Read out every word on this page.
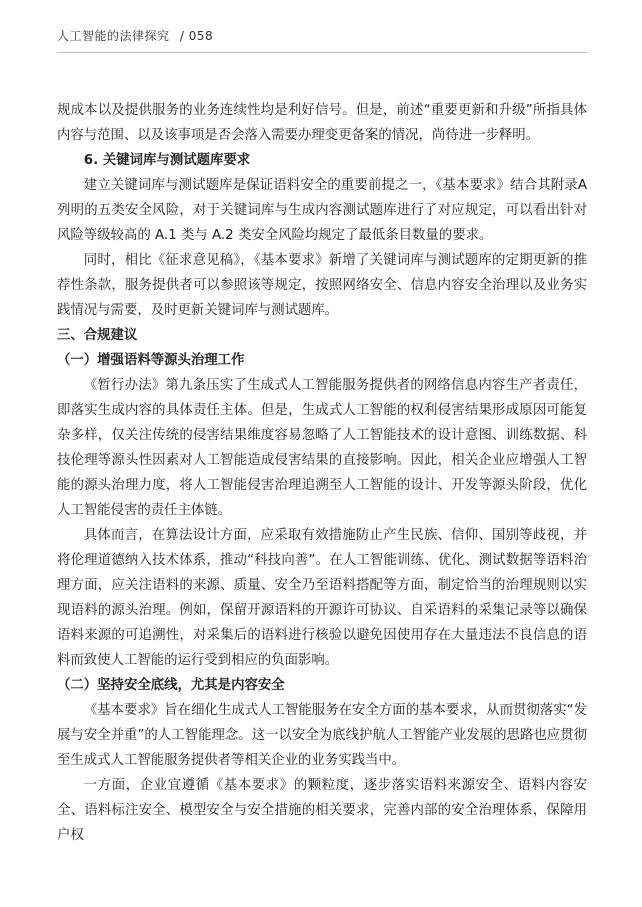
人工智能的法律探究 / 058

规成本以及提供服务的业务连续性均是利好信号。但是，前述“重要更新和升级”所指具体内容与范围、以及该事项是否会落入需要办理变更备案的情况，尚待进一步释明。

6. 关键词库与测试题库要求

建立关键词库与测试题库是保证语料安全的重要前提之一，《基本要求》结合其附录A 列明的五类安全风险，对于关键词库与生成内容测试题库进行了对应规定，可以看出针对风险等级较高的 A.1 类与 A.2 类安全风险均规定了最低条目数量的要求。

同时，相比《征求意见稿》，《基本要求》新增了关键词库与测试题库的定期更新的推荐性条款，服务提供者可以参照该等规定，按照网络安全、信息内容安全治理以及业务实践情况与需要，及时更新关键词库与测试题库。

三、合规建议

（一）增强语料等源头治理工作

《暂行办法》第九条压实了生成式人工智能服务提供者的网络信息内容生产者责任，即落实生成内容的具体责任主体。但是，生成式人工智能的权利侵害结果形成原因可能复杂多样，仅关注传统的侵害结果维度容易忽略了人工智能技术的设计意图、训练数据、科技伦理等源头性因素对人工智能造成侵害结果的直接影响。因此，相关企业应增强人工智能的源头治理力度，将人工智能侵害治理追溯至人工智能的设计、开发等源头阶段，优化人工智能侵害的责任主体链。

具体而言，在算法设计方面，应采取有效措施防止产生民族、信仰、国别等歧视，并将伦理道德纳入技术体系，推动“科技向善”。在人工智能训练、优化、测试数据等语料治理方面，应关注语料的来源、质量、安全乃至语料搭配等方面，制定恰当的治理规则以实现语料的源头治理。例如，保留开源语料的开源许可协议、自采语料的采集记录等以确保语料来源的可追溯性，对采集后的语料进行核验以避免因使用存在大量违法不良信息的语料而致使人工智能的运行受到相应的负面影响。

（二）坚持安全底线，尤其是内容安全

《基本要求》旨在细化生成式人工智能服务在安全方面的基本要求，从而贯彻落实“发展与安全并重”的人工智能理念。这一以安全为底线护航人工智能产业发展的思路也应贯彻至生成式人工智能服务提供者等相关企业的业务实践当中。

一方面，企业宜遵循《基本要求》的颗粒度，逐步落实语料来源安全、语料内容安全、语料标注安全、模型安全与安全措施的相关要求，完善内部的安全治理体系，保障用户权
